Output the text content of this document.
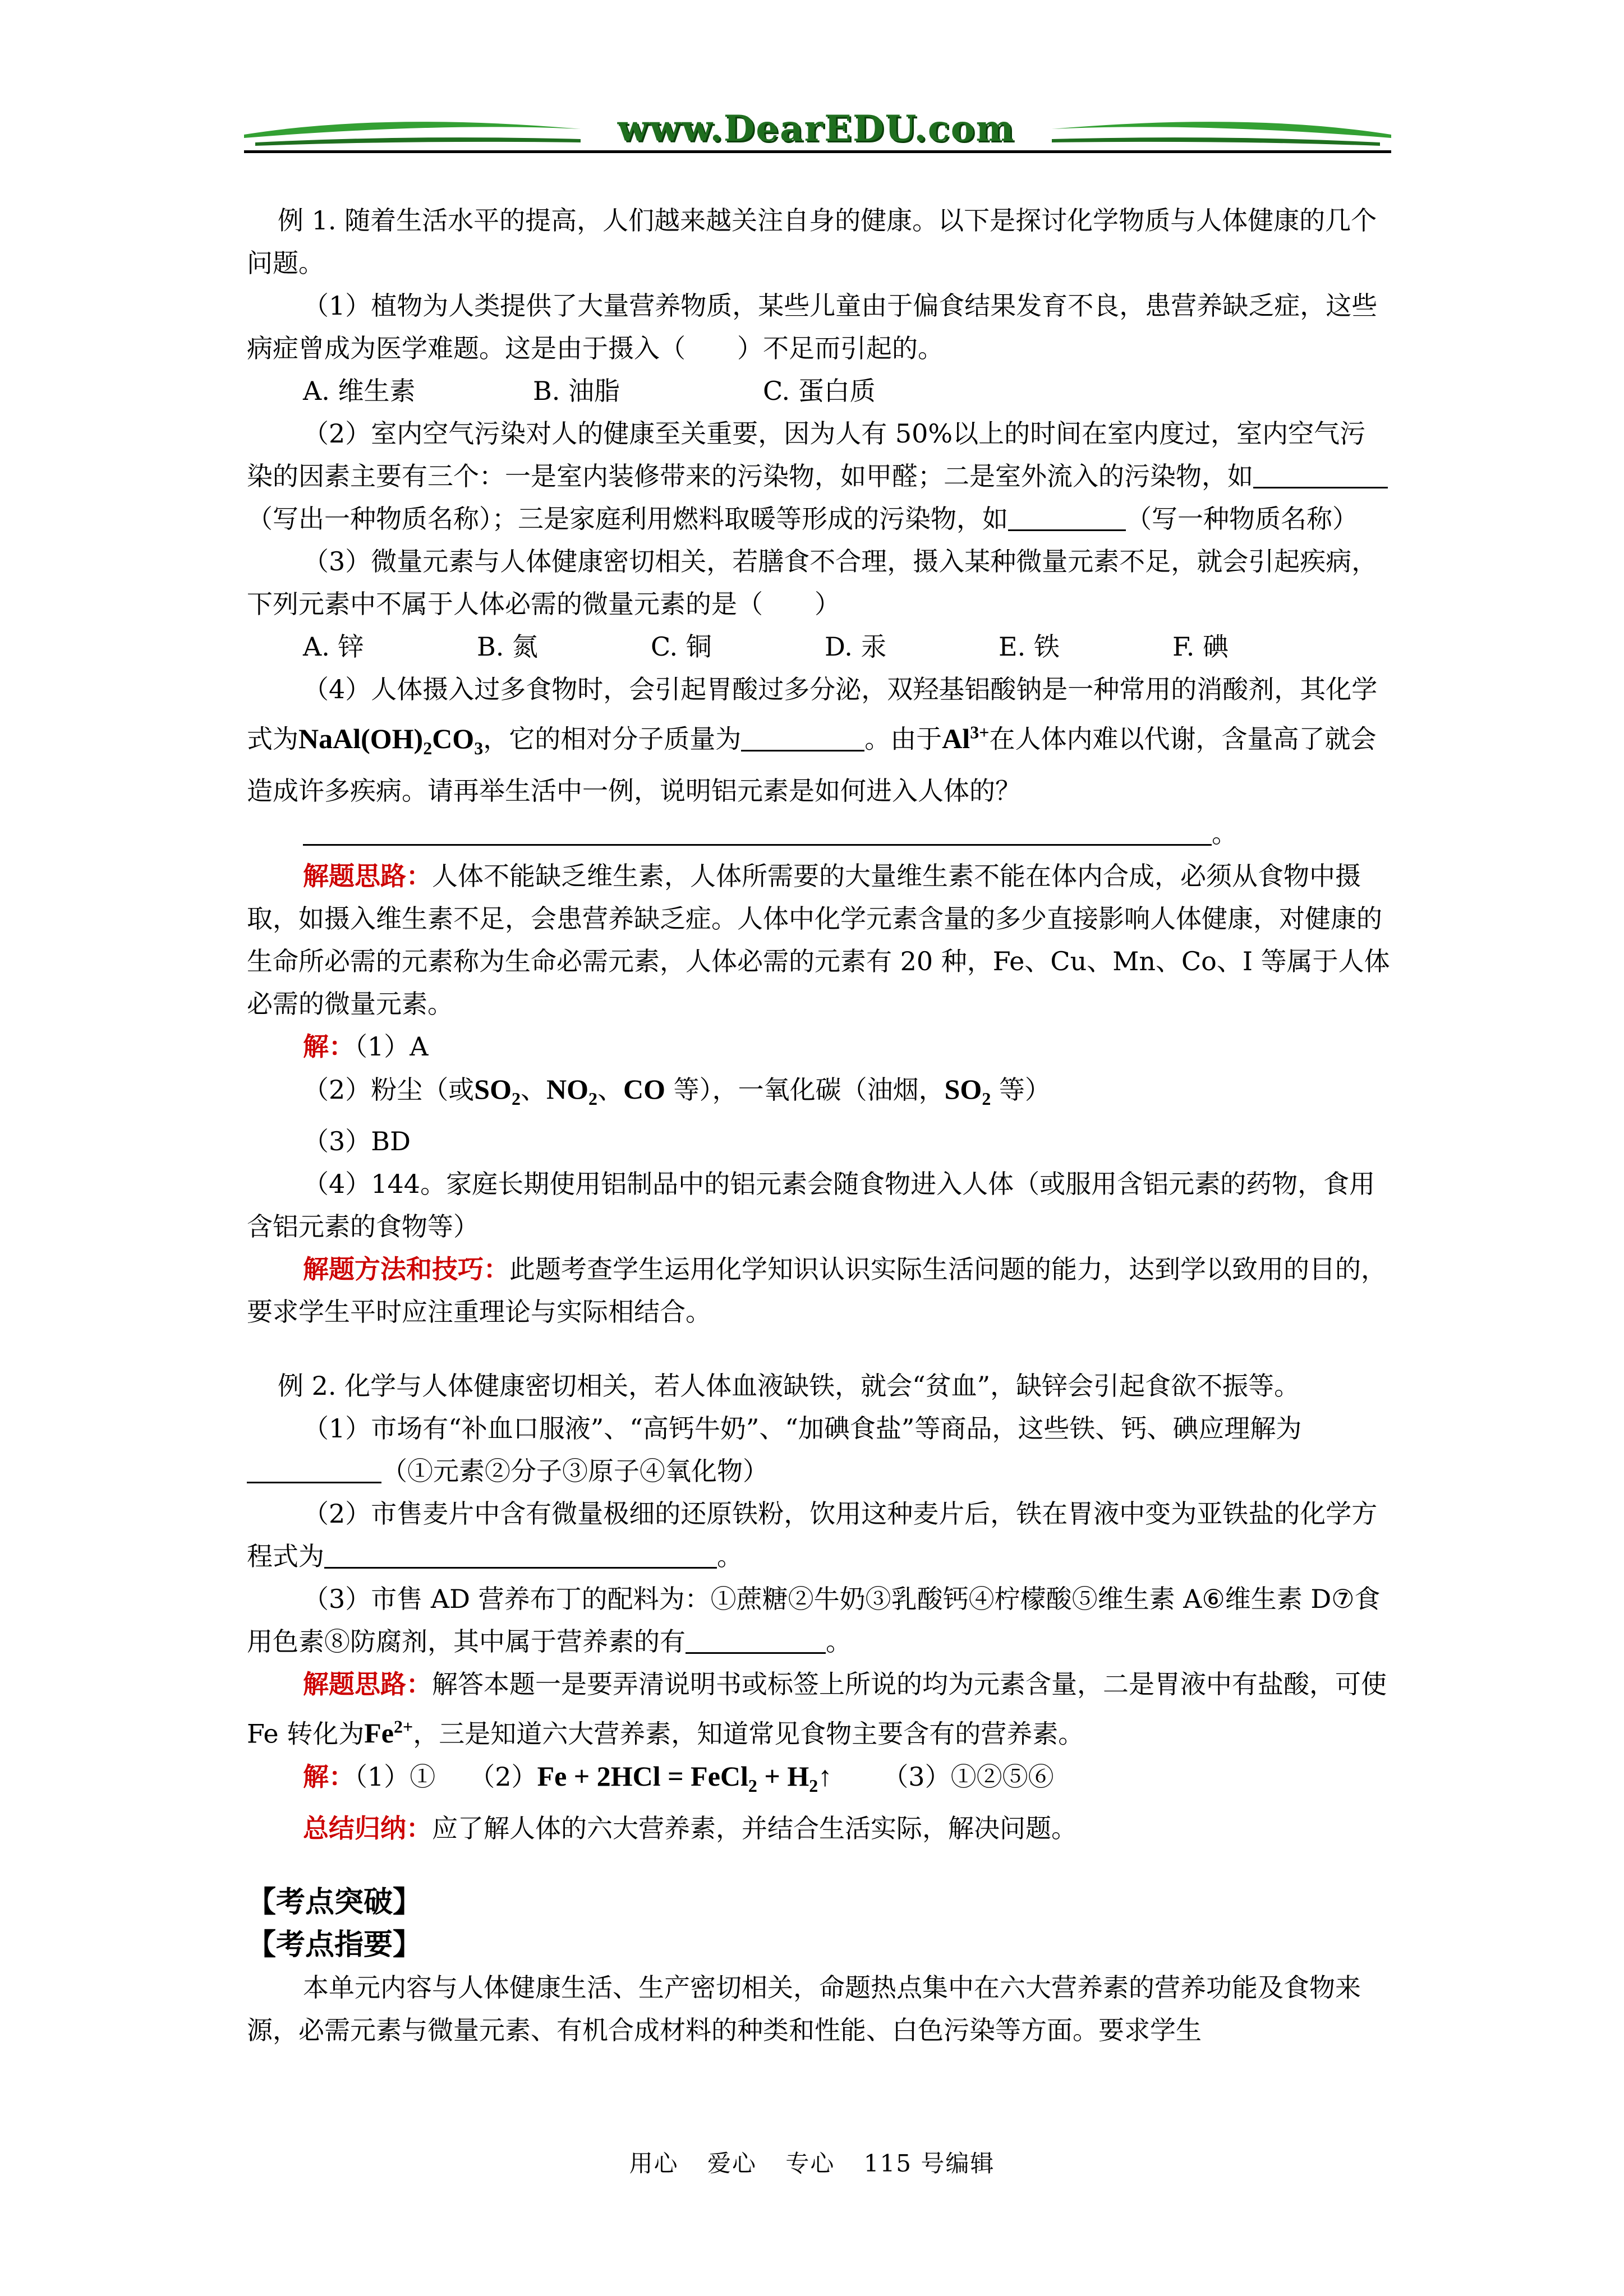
www.DearEDU.com

例 1. 随着生活水平的提高，人们越来越关注自身的健康。以下是探讨化学物质与人体健康的几个问题。

（1）植物为人类提供了大量营养物质，某些儿童由于偏食结果发育不良，患营养缺乏症，这些病症曾成为医学难题。这是由于摄入（　　）不足而引起的。

A. 维生素	B. 油脂	C. 蛋白质

（2）室内空气污染对人的健康至关重要，因为人有 50%以上的时间在室内度过，室内空气污染的因素主要有三个：一是室内装修带来的污染物，如甲醛；二是室外流入的污染物，如（写出一种物质名称）；三是家庭利用燃料取暖等形成的污染物，如	（写一种物质名称）

（3）微量元素与人体健康密切相关，若膳食不合理，摄入某种微量元素不足，就会引起疾病，下列元素中不属于人体必需的微量元素的是（　　）

A. 锌	B. 氮	C. 铜	D. 汞	E. 铁	F. 碘

（4）人体摄入过多食物时，会引起胃酸过多分泌，双羟基铝酸钠是一种常用的消酸剂，其化学式为$NaAl(OH)_2CO_3$，它的相对分子质量为	。由于$Al^{3+}$在人体内难以代谢，含量高了就会造成许多疾病。请再举生活中一例，说明铝元素是如何进入人体的？

。

解题思路：人体不能缺乏维生素，人体所需要的大量维生素不能在体内合成，必须从食物中摄取，如摄入维生素不足，会患营养缺乏症。人体中化学元素含量的多少直接影响人体健康，对健康的生命所必需的元素称为生命必需元素，人体必需的元素有 20 种，Fe、Cu、Mn、Co、I 等属于人体必需的微量元素。

解：（1）A

（2）粉尘（或$SO_2$、$NO_2$、CO 等），一氧化碳（油烟，$SO_2$ 等）

（3）BD

（4）144。家庭长期使用铝制品中的铝元素会随食物进入人体（或服用含铝元素的药物，食用含铝元素的食物等）

解题方法和技巧：此题考查学生运用化学知识认识实际生活问题的能力，达到学以致用的目的，要求学生平时应注重理论与实际相结合。

例 2. 化学与人体健康密切相关，若人体血液缺铁，就会“贫血”，缺锌会引起食欲不振等。

（1）市场有“补血口服液”、“高钙牛奶”、“加碘食盐”等商品，这些铁、钙、碘应理解为（①元素②分子③原子④氧化物）

（2）市售麦片中含有微量极细的还原铁粉，饮用这种麦片后，铁在胃液中变为亚铁盐的化学方程式为	。

（3）市售 AD 营养布丁的配料为：①蔗糖②牛奶③乳酸钙④柠檬酸⑤维生素 A⑥维生素 D⑦食用色素⑧防腐剂，其中属于营养素的有	。

解题思路：解答本题一是要弄清说明书或标签上所说的均为元素含量，二是胃液中有盐酸，可使 Fe 转化为$Fe^{2+}$，三是知道六大营养素，知道常见食物主要含有的营养素。

解：（1）① （2）Fe + 2HCl = FeCl$_2$ + $H_2↑$ （3）①②⑤⑥

总结归纳：应了解人体的六大营养素，并结合生活实际，解决问题。

【考点突破】

【考点指要】

本单元内容与人体健康生活、生产密切相关，命题热点集中在六大营养素的营养功能及食物来源，必需元素与微量元素、有机合成材料的种类和性能、白色污染等方面。要求学生

用心 爱心 专心 115 号编辑
